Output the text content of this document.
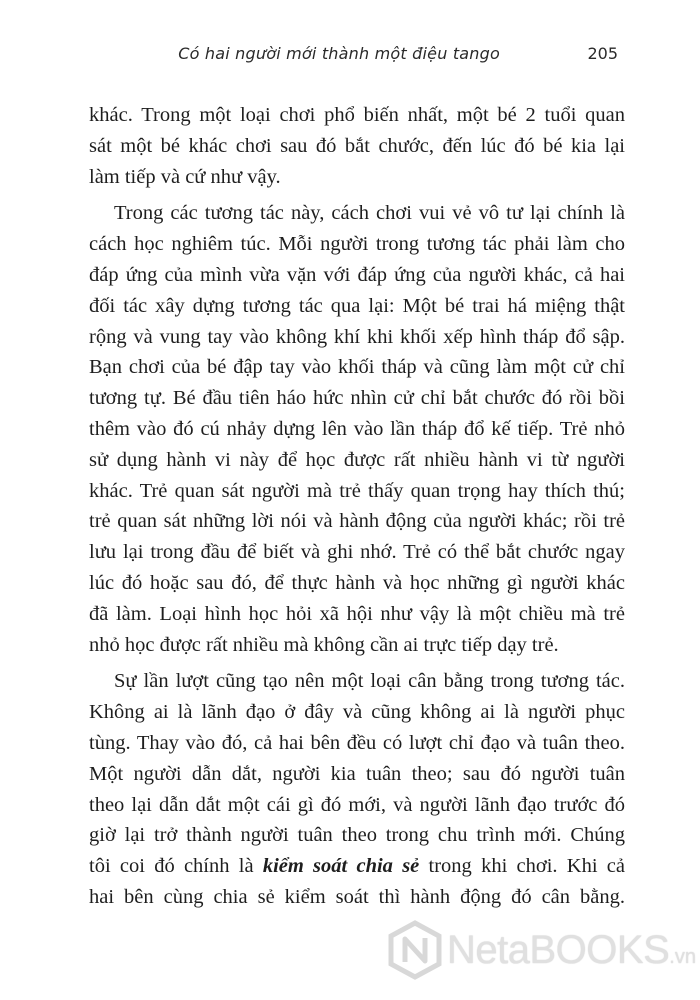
Có hai người mới thành một điệu tango	205

khác. Trong một loại chơi phổ biến nhất, một bé 2 tuổi quan
sát một bé khác chơi sau đó bắt chước, đến lúc đó bé kia lại
làm tiếp và cứ như vậy.

Trong các tương tác này, cách chơi vui vẻ vô tư lại chính là
cách học nghiêm túc. Mỗi người trong tương tác phải làm cho
đáp ứng của mình vừa vặn với đáp ứng của người khác, cả hai
đối tác xây dựng tương tác qua lại: Một bé trai há miệng thật
rộng và vung tay vào không khí khi khối xếp hình tháp đổ sập.
Bạn chơi của bé đập tay vào khối tháp và cũng làm một cử chỉ
tương tự. Bé đầu tiên háo hức nhìn cử chỉ bắt chước đó rồi bồi
thêm vào đó cú nhảy dựng lên vào lần tháp đổ kế tiếp. Trẻ nhỏ
sử dụng hành vi này để học được rất nhiều hành vi từ người
khác. Trẻ quan sát người mà trẻ thấy quan trọng hay thích thú;
trẻ quan sát những lời nói và hành động của người khác; rồi trẻ
lưu lại trong đầu để biết và ghi nhớ. Trẻ có thể bắt chước ngay
lúc đó hoặc sau đó, để thực hành và học những gì người khác
đã làm. Loại hình học hỏi xã hội như vậy là một chiều mà trẻ
nhỏ học được rất nhiều mà không cần ai trực tiếp dạy trẻ.

Sự lần lượt cũng tạo nên một loại cân bằng trong tương tác.
Không ai là lãnh đạo ở đây và cũng không ai là người phục
tùng. Thay vào đó, cả hai bên đều có lượt chỉ đạo và tuân theo.
Một người dẫn dắt, người kia tuân theo; sau đó người tuân
theo lại dẫn dắt một cái gì đó mới, và người lãnh đạo trước đó
giờ lại trở thành người tuân theo trong chu trình mới. Chúng
tôi coi đó chính là kiểm soát chia sẻ trong khi chơi. Khi cả
hai bên cùng chia sẻ kiểm soát thì hành động đó cân bằng.

NetaBOOKS.vn
